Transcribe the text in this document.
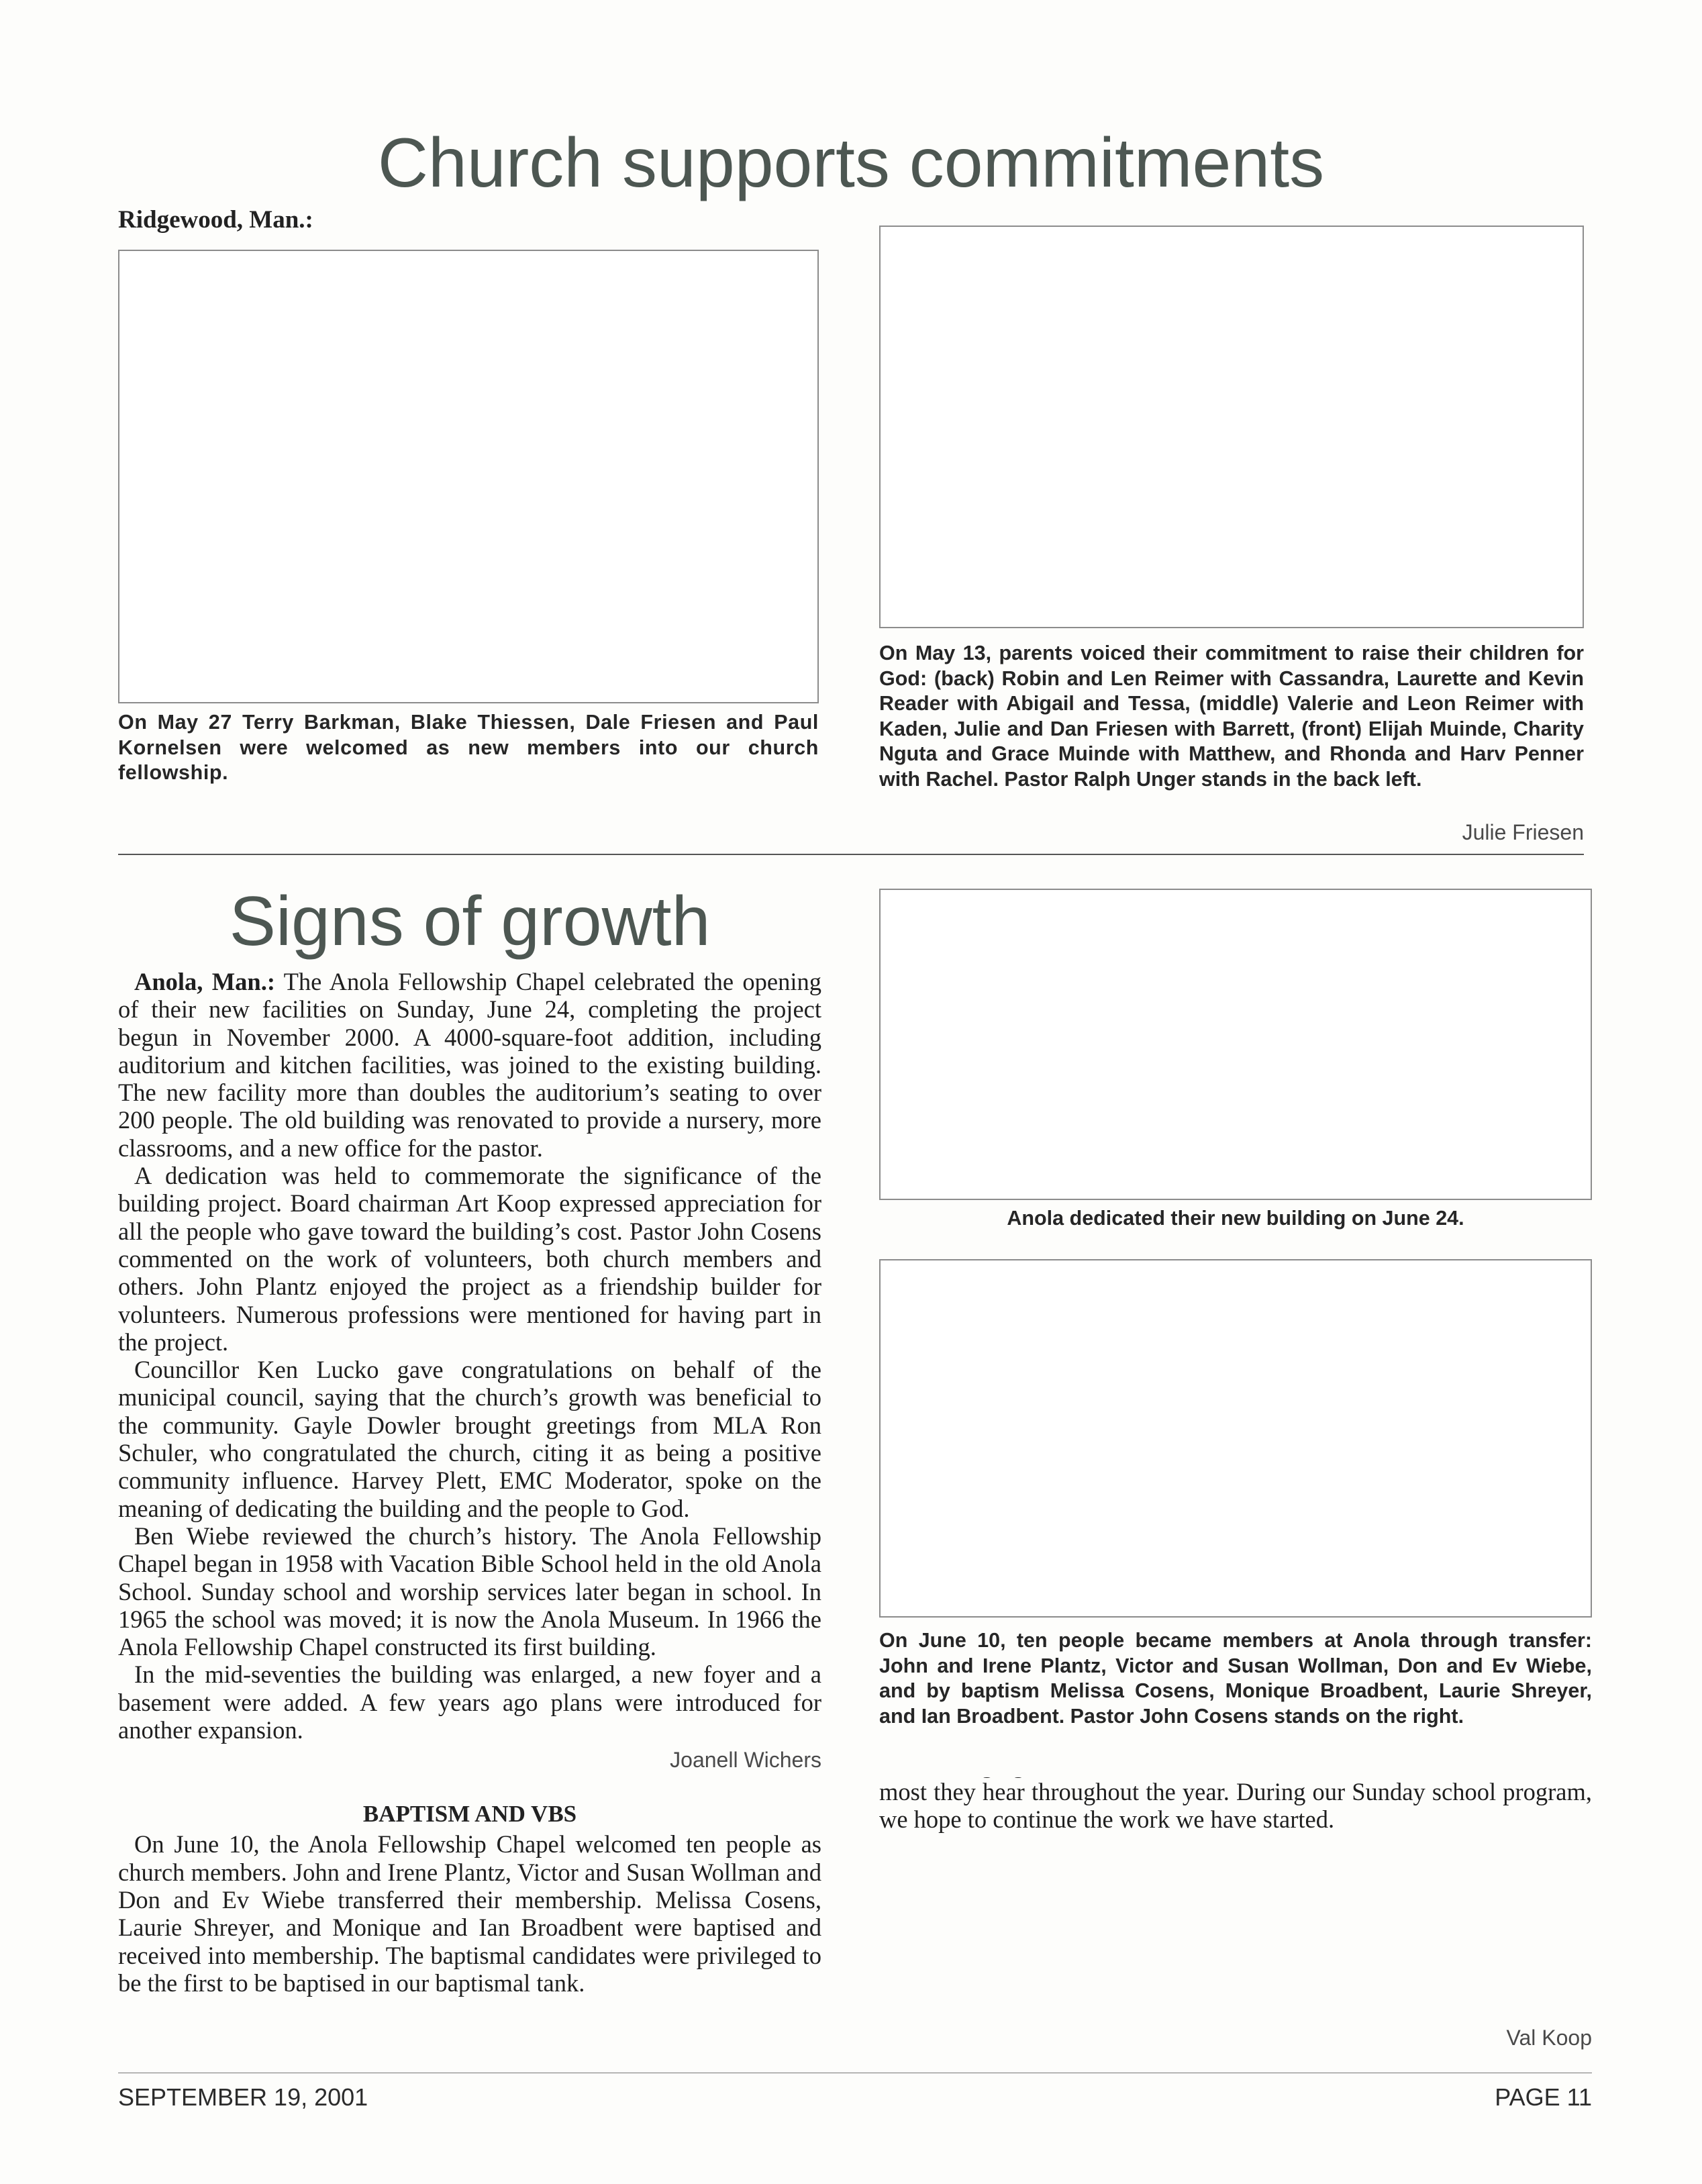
Church supports commitments
Ridgewood, Man.:

On May 27 Terry Barkman, Blake Thiessen, Dale Friesen and Paul Kornelsen were welcomed as new members into our church fellowship.

On May 13, parents voiced their commitment to raise their children for God: (back) Robin and Len Reimer with Cassandra, Laurette and Kevin Reader with Abigail and Tessa, (middle) Valerie and Leon Reimer with Kaden, Julie and Dan Friesen with Barrett, (front) Elijah Muinde, Charity Nguta and Grace Muinde with Matthew, and Rhonda and Harv Penner with Rachel. Pastor Ralph Unger stands in the back left.

Julie Friesen

Signs of growth

Anola, Man.: The Anola Fellowship Chapel celebrated the opening of their new facilities on Sunday, June 24, completing the project begun in November 2000. A 4000-square-foot addition, including auditorium and kitchen facilities, was joined to the existing building. The new facility more than doubles the auditorium’s seating to over 200 people. The old building was renovated to provide a nursery, more classrooms, and a new office for the pastor.

A dedication was held to commemorate the significance of the building project. Board chairman Art Koop expressed appreciation for all the people who gave toward the building’s cost. Pastor John Cosens commented on the work of volunteers, both church members and others. John Plantz enjoyed the project as a friendship builder for volunteers. Numerous professions were mentioned for having part in the project.

Councillor Ken Lucko gave congratulations on behalf of the municipal council, saying that the church’s growth was beneficial to the community. Gayle Dowler brought greetings from MLA Ron Schuler, who congratulated the church, citing it as being a positive community influence. Harvey Plett, EMC Moderator, spoke on the meaning of dedicating the building and the people to God.

Ben Wiebe reviewed the church’s history. The Anola Fellowship Chapel began in 1958 with Vacation Bible School held in the old Anola School. Sunday school and worship services later began in school. In 1965 the school was moved; it is now the Anola Museum. In 1966 the Anola Fellowship Chapel constructed its first building.

In the mid-seventies the building was enlarged, a new foyer and a basement were added. A few years ago plans were introduced for another expansion.

Joanell Wichers

BAPTISM AND VBS

On June 10, the Anola Fellowship Chapel welcomed ten people as church members. John and Irene Plantz, Victor and Susan Wollman and Don and Ev Wiebe transferred their membership. Melissa Cosens, Laurie Shreyer, and Monique and Ian Broadbent were baptised and received into membership. The baptismal candidates were privileged to be the first to be baptised in our baptismal tank.

Anola dedicated their new building on June 24.

On June 10, ten people became members at Anola through transfer: John and Irene Plantz, Victor and Susan Wollman, Don and Ev Wiebe, and by baptism Melissa Cosens, Monique Broadbent, Laurie Shreyer, and Ian Broadbent. Pastor John Cosens stands on the right.

most they hear throughout the year. During our Sunday school program, we hope to continue the work we have started.

Val Koop

SEPTEMBER 19, 2001	PAGE 11
